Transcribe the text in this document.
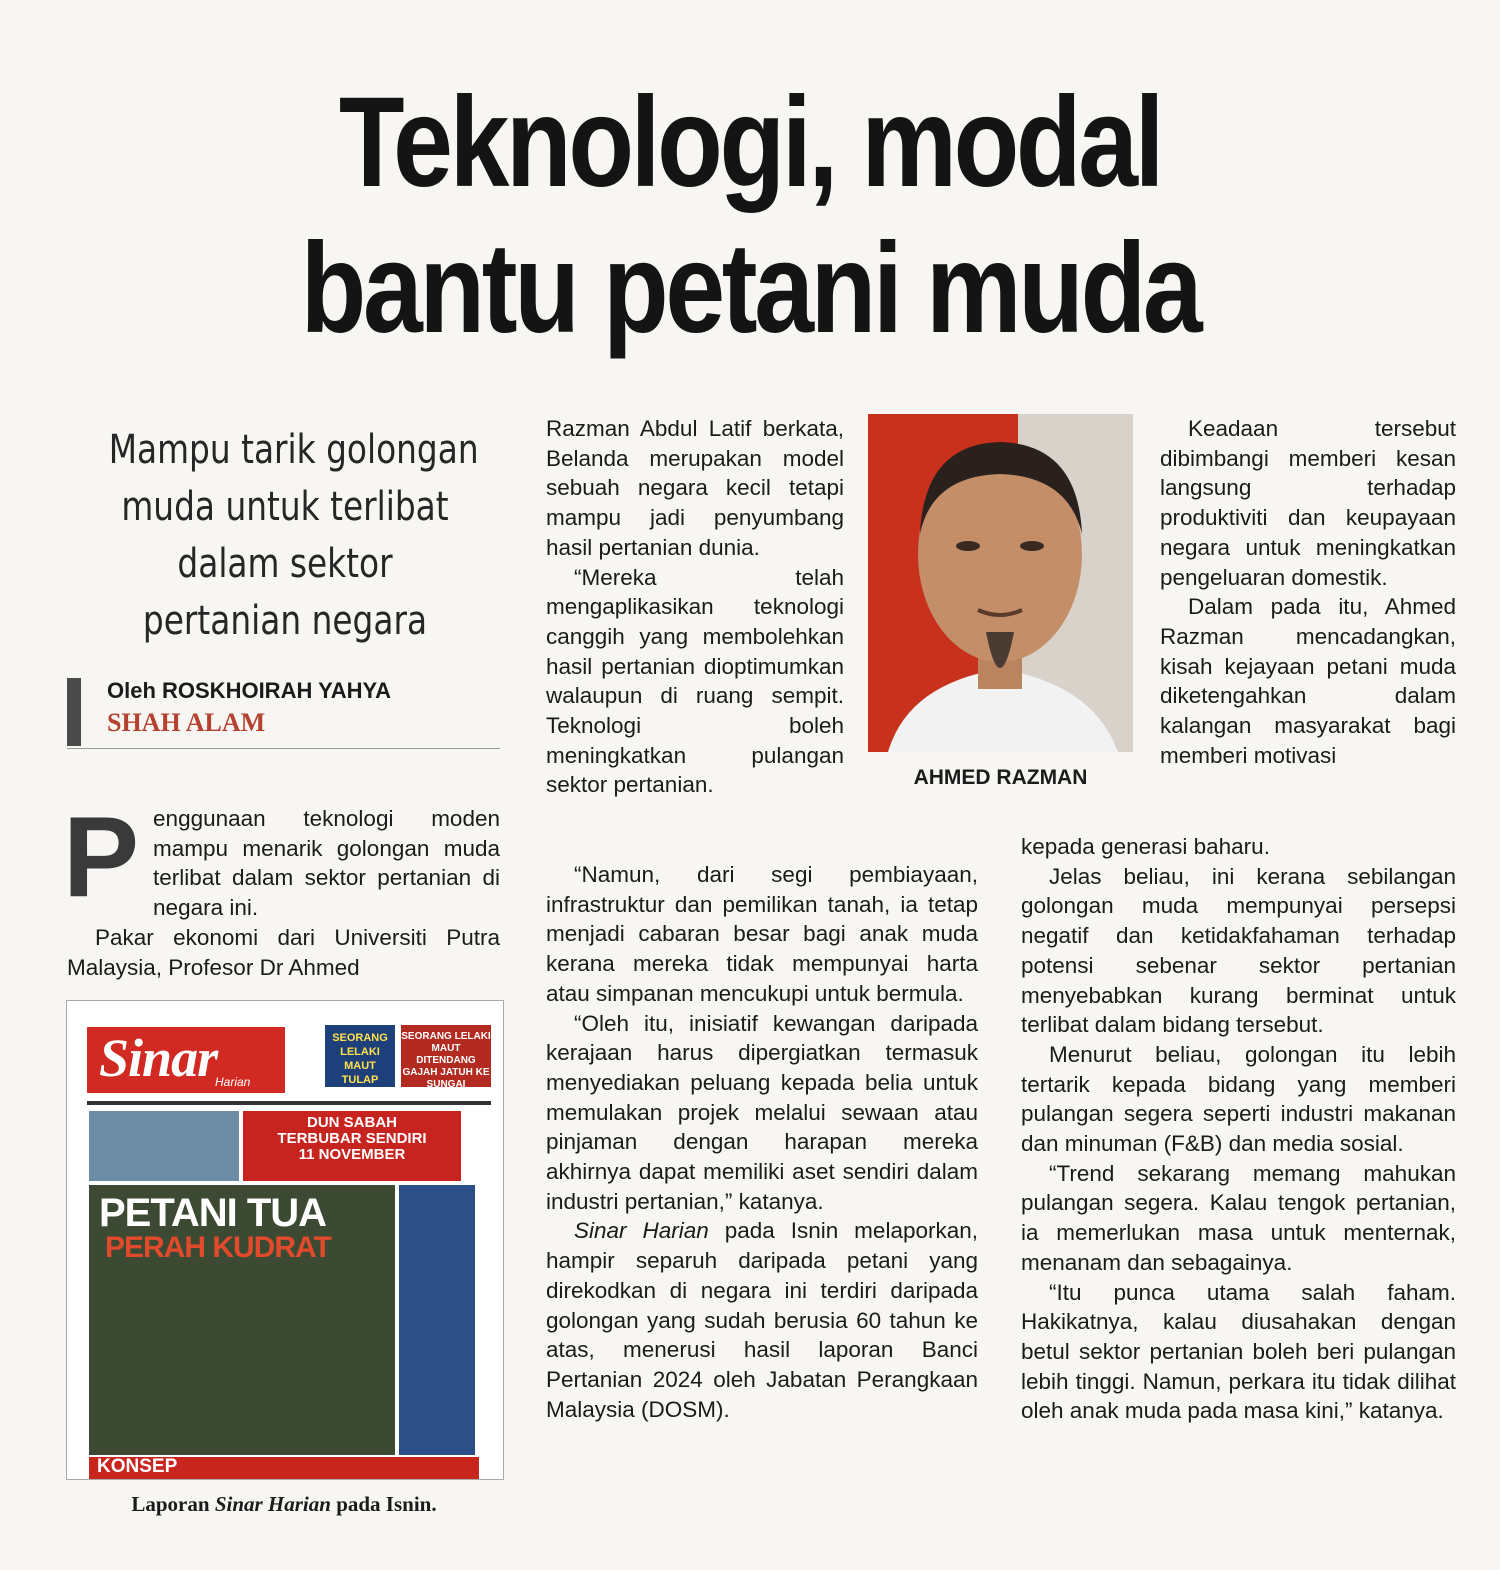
Teknologi, modal
bantu petani muda
Mampu tarik golongan
muda untuk terlibat
dalam sektor
pertanian negara
Oleh ROSKHOIRAH YAHYA
SHAH ALAM
P enggunaan teknologi moden mampu menarik golongan muda terlibat dalam sektor pertanian di negara ini.

Pakar ekonomi dari Universiti Putra Malaysia, Profesor Dr Ahmed

Razman Abdul Latif berkata, Belanda merupakan model sebuah negara kecil tetapi mampu jadi penyumbang hasil pertanian dunia.

“Mereka telah mengaplikasikan teknologi canggih yang membolehkan hasil pertanian dioptimumkan walaupun di ruang sempit. Teknologi boleh meningkatkan pulangan sektor pertanian.

“Namun, dari segi pembiayaan, infrastruktur dan pemilikan tanah, ia tetap menjadi cabaran besar bagi anak muda kerana mereka tidak mempunyai harta atau simpanan mencukupi untuk bermula.

“Oleh itu, inisiatif kewangan daripada kerajaan harus dipergiatkan termasuk menyediakan peluang kepada belia untuk memulakan projek melalui sewaan atau pinjaman dengan harapan mereka akhirnya dapat memiliki aset sendiri dalam industri pertanian,” katanya.

Sinar Harian pada Isnin melaporkan, hampir separuh daripada petani yang direkodkan di negara ini terdiri daripada golongan yang sudah berusia 60 tahun ke atas, menerusi hasil laporan Banci Pertanian 2024 oleh Jabatan Perangkaan Malaysia (DOSM).

AHMED RAZMAN

Keadaan tersebut dibimbangi memberi kesan langsung terhadap produktiviti dan keupayaan negara untuk meningkatkan pengeluaran domestik.

Dalam pada itu, Ahmed Razman mencadangkan, kisah kejayaan petani muda diketengahkan dalam kalangan masyarakat bagi memberi motivasi

kepada generasi baharu.

Jelas beliau, ini kerana sebilangan golongan muda mempunyai persepsi negatif dan ketidakfahaman terhadap potensi sebenar sektor pertanian menyebabkan kurang berminat untuk terlibat dalam bidang tersebut.

Menurut beliau, golongan itu lebih tertarik kepada bidang yang memberi pulangan segera seperti industri makanan dan minuman (F&B) dan media sosial.

“Trend sekarang memang mahukan pulangan segera. Kalau tengok pertanian, ia memerlukan masa untuk menternak, menanam dan sebagainya.

“Itu punca utama salah faham. Hakikatnya, kalau diusahakan dengan betul sektor pertanian boleh beri pulangan lebih tinggi. Namun, perkara itu tidak dilihat oleh anak muda pada masa kini,” katanya.

Sinar
Harian
SEORANG LELAKI MAUT TULAP
SEORANG LELAKI MAUT DITENDANG GAJAH JATUH KE SUNGAI
DUN SABAH
TERBUBAR SENDIRI
11 NOVEMBER
PETANI TUA
PERAH KUDRAT
KONSEP
Laporan Sinar Harian pada Isnin.
